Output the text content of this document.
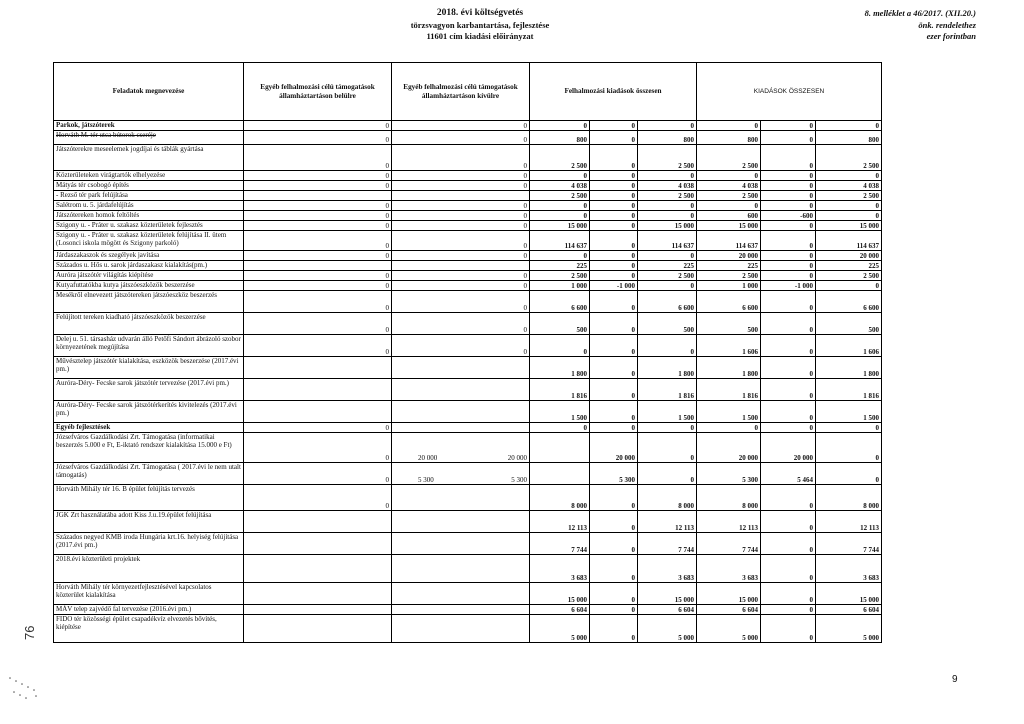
2018. évi költségvetés
törzsvagyon karbantartása, fejlesztése
11601 cím kiadási előirányzat
8. melléklet a 46/2017. (XII.20.)
önk. rendelethez
ezer forintban
Feladatok megnevezése	Egyéb felhalmozási célú támogatások államháztartáson belülre	Egyéb felhalmozási célú támogatások államháztartáson kívülre	Felhalmozási kiadások összesen			KIADÁSOK ÖSSZESEN			
Parkok, játszóterek	0	0	0	0	0	0	0	0	
Horváth M. tér utca bútorok cseréje	0	0	800	0	800	800	0	800	
Játszóterekre meseelemek jogdíjai és táblák gyártása	0	0	2 500	0	2 500	2 500	0	2 500	
Közterületeken virágtartók elhelyezése	0	0	0	0	0	0	0	0	
Mátyás tér csobogó építés	0	0	4 038	0	4 038	4 038	0	4 038	
- Rezső tér park felújítása			2 500	0	2 500	2 500	0	2 500	
Salétrom u. 5. járdafelújítás	0	0	0	0	0	0	0	0	
Játszótereken homok feltöltés	0	0	0	0	0	600	-600	0	
Szigony u. - Práter u. szakasz közterületek fejlesztés	0	0	15 000	0	15 000	15 000	0	15 000	
Szigony u. - Práter u. szakasz közterületek felújítása II. ütem (Losonci iskola mögött és Szigony parkoló)	0	0	114 637	0	114 637	114 637	0	114 637	
Járdaszakaszok és szegélyek javítása	0	0	0	0	0	20 000	0	20 000	
Százados u. Hős u. sarok járdaszakasz kialakítás(pm.)			225	0	225	225	0	225	
Auróra játszótér világítás kiépítése	0	0	2 500	0	2 500	2 500	0	2 500	
Kutyafuttatókba kutya játszóeszközök beszerzése	0	0	1 000	-1 000	0	1 000	-1 000	0	
Mesékről elnevezett játszótereken játszóeszköz beszerzés	0	0	6 600	0	6 600	6 600	0	6 600	
Felújított tereken kiadható játszóeszközök beszerzése	0	0	500	0	500	500	0	500	
Delej u. 51. társasház udvarán álló Petőfi Sándort ábrázoló szobor környezetének megújítása	0	0	0	0	0	1 606	0	1 606	
Művésztelep játszótér kialakítása, eszközök beszerzése (2017.évi pm.)			1 800	0	1 800	1 800	0	1 800	
Auróra-Déry- Fecske sarok játszótér tervezése (2017.évi pm.)			1 816	0	1 816	1 816	0	1 816	
Auróra-Déry- Fecske sarok játszótérkerítés kivitelezés (2017.évi pm.)			1 500	0	1 500	1 500	0	1 500	
Egyéb fejlesztések	0		0	0	0	0	0	0	
Józsefváros Gazdálkodási Zrt. Támogatása (informatikai beszerzés 5.000 e Ft, E-iktató rendszer kialakítása 15.000 e Ft)	0	20 000 20 000		20 000	0	20 000	20 000	0	
Józsefváros Gazdálkodási Zrt. Támogatása ( 2017.évi le nem utalt támogatás)	0	5 300 5 300		5 300	0	5 300	5 464	0	
Horváth Mihály tér 16. B épület felújítás tervezés	0		8 000	0	8 000	8 000	0	8 000	
JGK Zrt használatába adott Kiss J.u.19.épület felújítása			12 113	0	12 113	12 113	0	12 113	
Százados negyed KMB iroda Hungária krt.16. helyiség felújítása (2017.évi pm.)			7 744	0	7 744	7 744	0	7 744	
2018.évi közterületi projektek			3 683	0	3 683	3 683	0	3 683	
Horváth Mihály tér környezetfejlesztésével kapcsolatos közterület kialakítása			15 000	0	15 000	15 000	0	15 000	
MÁV telep zajvédő fal tervezése (2016.évi pm.)			6 604	0	6 604	6 604	0	6 604	
FIDO tér közösségi épület csapadékvíz elvezetés bővítés, kiépítése			5 000	0	5 000	5 000	0	5 000	
76
9
